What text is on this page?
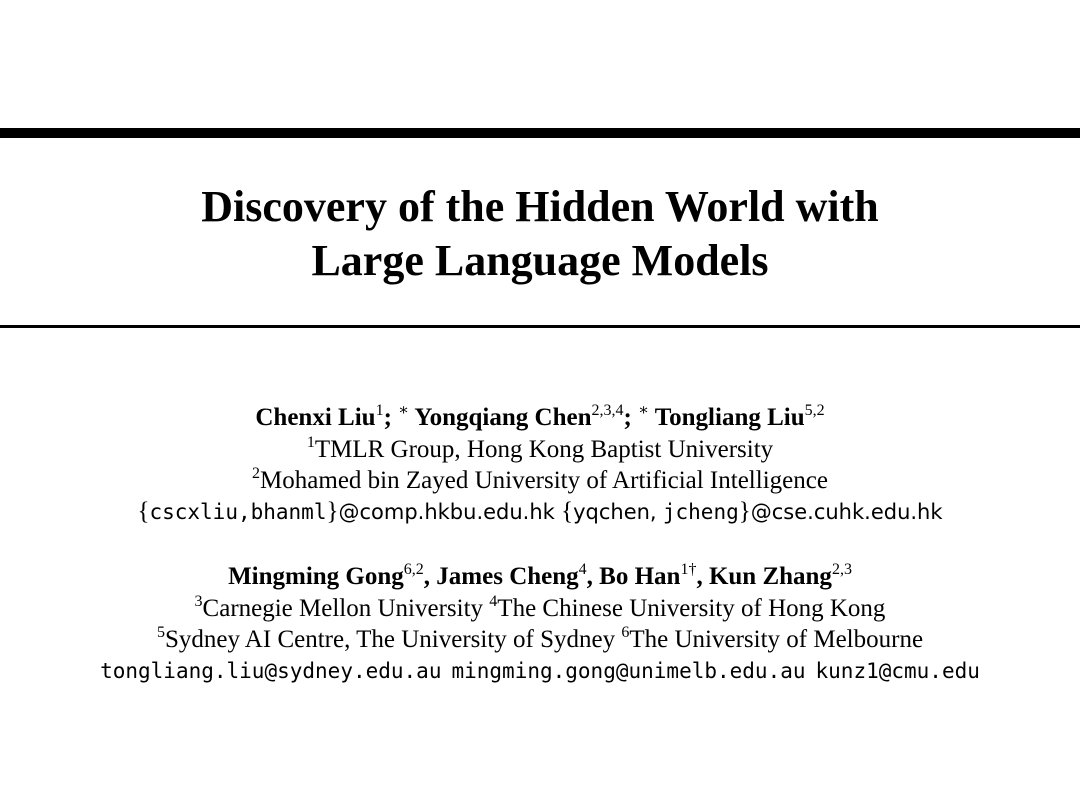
Discovery of the Hidden World with
Large Language Models
Chenxi Liu$^1$; ∗ Yongqiang Chen$^{2,3,4}$; ∗ Tongliang Liu$^{5,2}$
$^1$TMLR Group, Hong Kong Baptist University
$^2$Mohamed bin Zayed University of Artificial Intelligence
{cscxliu,bhanml}@comp.hkbu.edu.hk {yqchen, jcheng}@cse.cuhk.edu.hk
Mingming Gong$^{6,2}$, James Cheng$^4$, Bo Han$^{1\dagger}$, Kun Zhang$^{2,3}$
$^3$Carnegie Mellon University $^4$The Chinese University of Hong Kong
$^5$Sydney AI Centre, The University of Sydney $^6$The University of Melbourne
tongliang.liu@sydney.edu.au mingming.gong@unimelb.edu.au kunz1@cmu.edu
